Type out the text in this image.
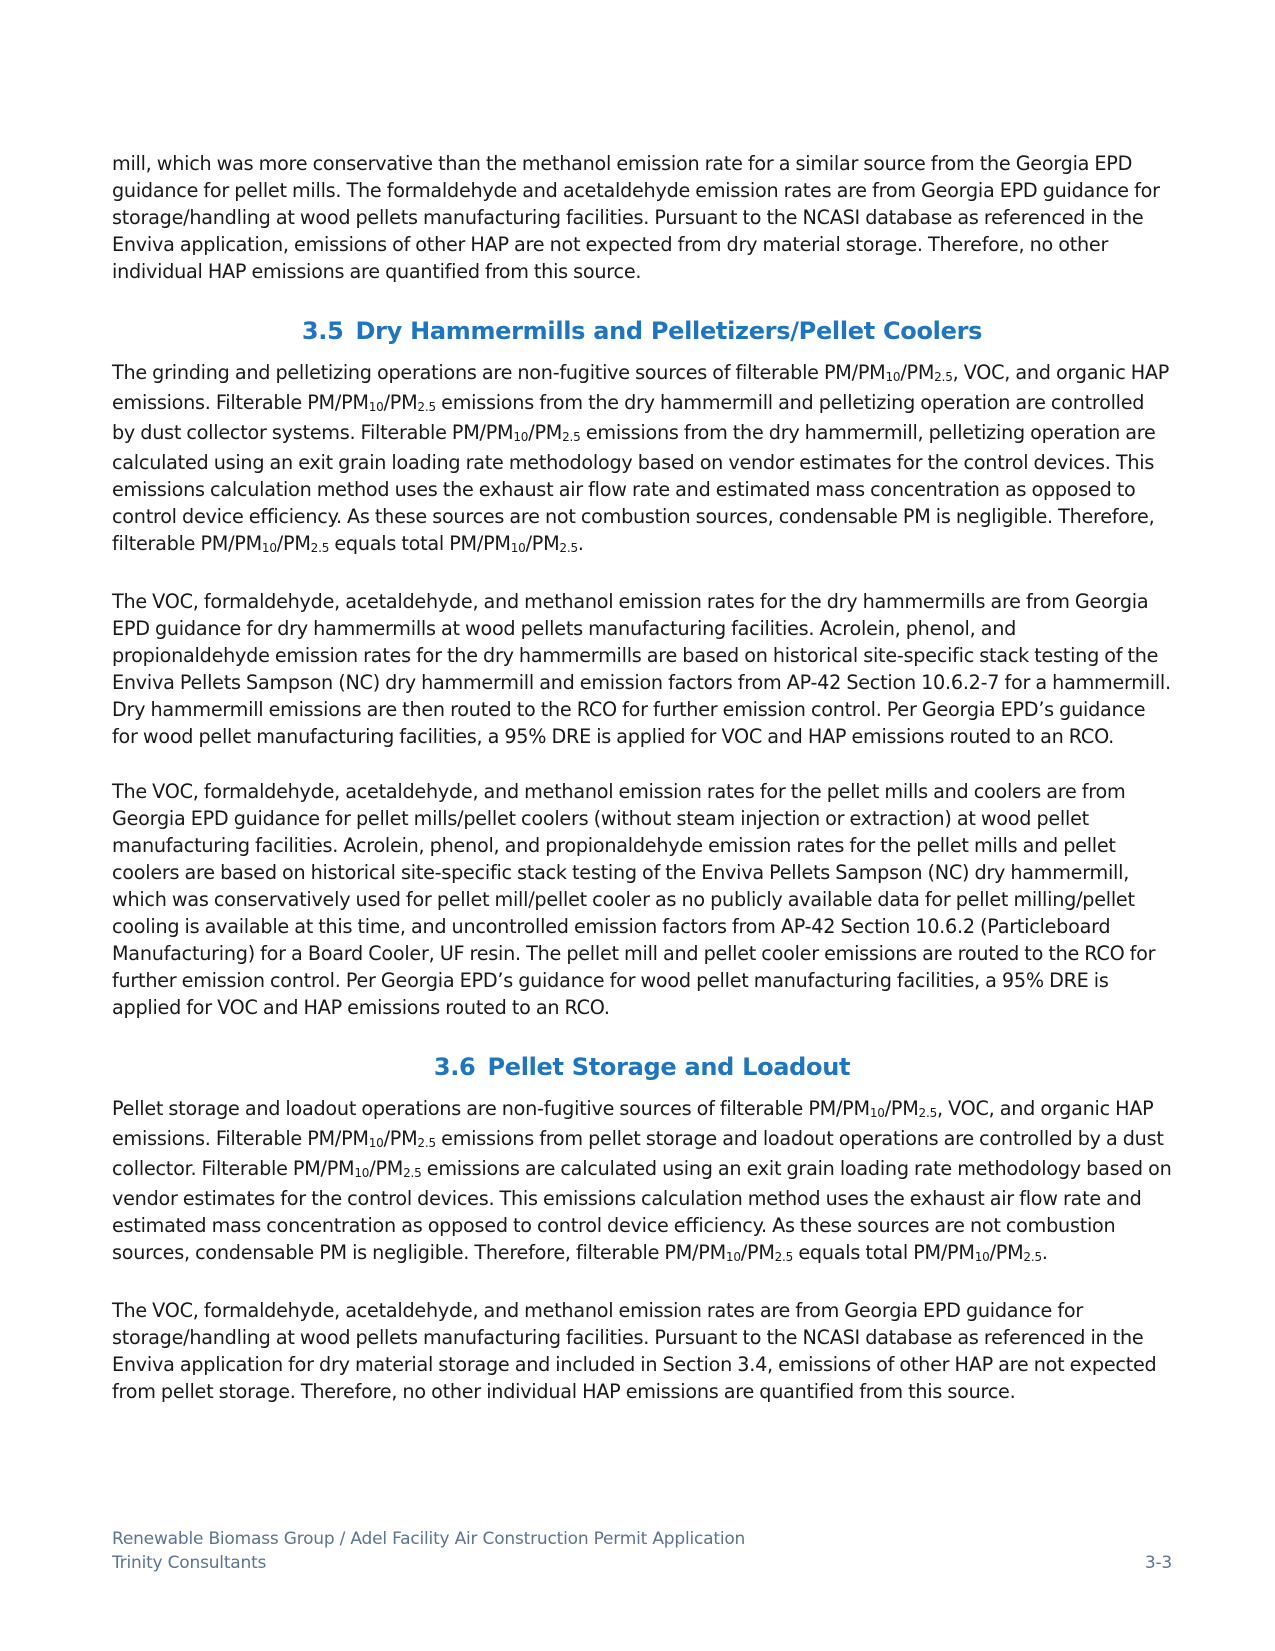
mill, which was more conservative than the methanol emission rate for a similar source from the Georgia EPD guidance for pellet mills. The formaldehyde and acetaldehyde emission rates are from Georgia EPD guidance for storage/handling at wood pellets manufacturing facilities. Pursuant to the NCASI database as referenced in the Enviva application, emissions of other HAP are not expected from dry material storage. Therefore, no other individual HAP emissions are quantified from this source.

3.5 Dry Hammermills and Pelletizers/Pellet Coolers

The grinding and pelletizing operations are non-fugitive sources of filterable $PM/PM_{10}/PM_{2.5}$, VOC, and organic HAP emissions. Filterable $PM/PM_{10}/PM_{2.5}$ emissions from the dry hammermill and pelletizing operation are controlled by dust collector systems. Filterable $PM/PM_{10}/PM_{2.5}$ emissions from the dry hammermill, pelletizing operation are calculated using an exit grain loading rate methodology based on vendor estimates for the control devices. This emissions calculation method uses the exhaust air flow rate and estimated mass concentration as opposed to control device efficiency. As these sources are not combustion sources, condensable PM is negligible. Therefore, filterable $PM/PM_{10}/PM_{2.5}$ equals total $PM/PM_{10}/PM_{2.5}$.

The VOC, formaldehyde, acetaldehyde, and methanol emission rates for the dry hammermills are from Georgia EPD guidance for dry hammermills at wood pellets manufacturing facilities. Acrolein, phenol, and propionaldehyde emission rates for the dry hammermills are based on historical site-specific stack testing of the Enviva Pellets Sampson (NC) dry hammermill and emission factors from AP-42 Section 10.6.2-7 for a hammermill. Dry hammermill emissions are then routed to the RCO for further emission control. Per Georgia EPD’s guidance for wood pellet manufacturing facilities, a 95% DRE is applied for VOC and HAP emissions routed to an RCO.

The VOC, formaldehyde, acetaldehyde, and methanol emission rates for the pellet mills and coolers are from Georgia EPD guidance for pellet mills/pellet coolers (without steam injection or extraction) at wood pellet manufacturing facilities. Acrolein, phenol, and propionaldehyde emission rates for the pellet mills and pellet coolers are based on historical site-specific stack testing of the Enviva Pellets Sampson (NC) dry hammermill, which was conservatively used for pellet mill/pellet cooler as no publicly available data for pellet milling/pellet cooling is available at this time, and uncontrolled emission factors from AP-42 Section 10.6.2 (Particleboard Manufacturing) for a Board Cooler, UF resin. The pellet mill and pellet cooler emissions are routed to the RCO for further emission control. Per Georgia EPD’s guidance for wood pellet manufacturing facilities, a 95% DRE is applied for VOC and HAP emissions routed to an RCO.

3.6 Pellet Storage and Loadout

Pellet storage and loadout operations are non-fugitive sources of filterable $PM/PM_{10}/PM_{2.5}$, VOC, and organic HAP emissions. Filterable $PM/PM_{10}/PM_{2.5}$ emissions from pellet storage and loadout operations are controlled by a dust collector. Filterable $PM/PM_{10}/PM_{2.5}$ emissions are calculated using an exit grain loading rate methodology based on vendor estimates for the control devices. This emissions calculation method uses the exhaust air flow rate and estimated mass concentration as opposed to control device efficiency. As these sources are not combustion sources, condensable PM is negligible. Therefore, filterable $PM/PM_{10}/PM_{2.5}$ equals total $PM/PM_{10}/PM_{2.5}$.

The VOC, formaldehyde, acetaldehyde, and methanol emission rates are from Georgia EPD guidance for storage/handling at wood pellets manufacturing facilities. Pursuant to the NCASI database as referenced in the Enviva application for dry material storage and included in Section 3.4, emissions of other HAP are not expected from pellet storage. Therefore, no other individual HAP emissions are quantified from this source.

Renewable Biomass Group / Adel Facility Air Construction Permit Application
Trinity Consultants	3-3
